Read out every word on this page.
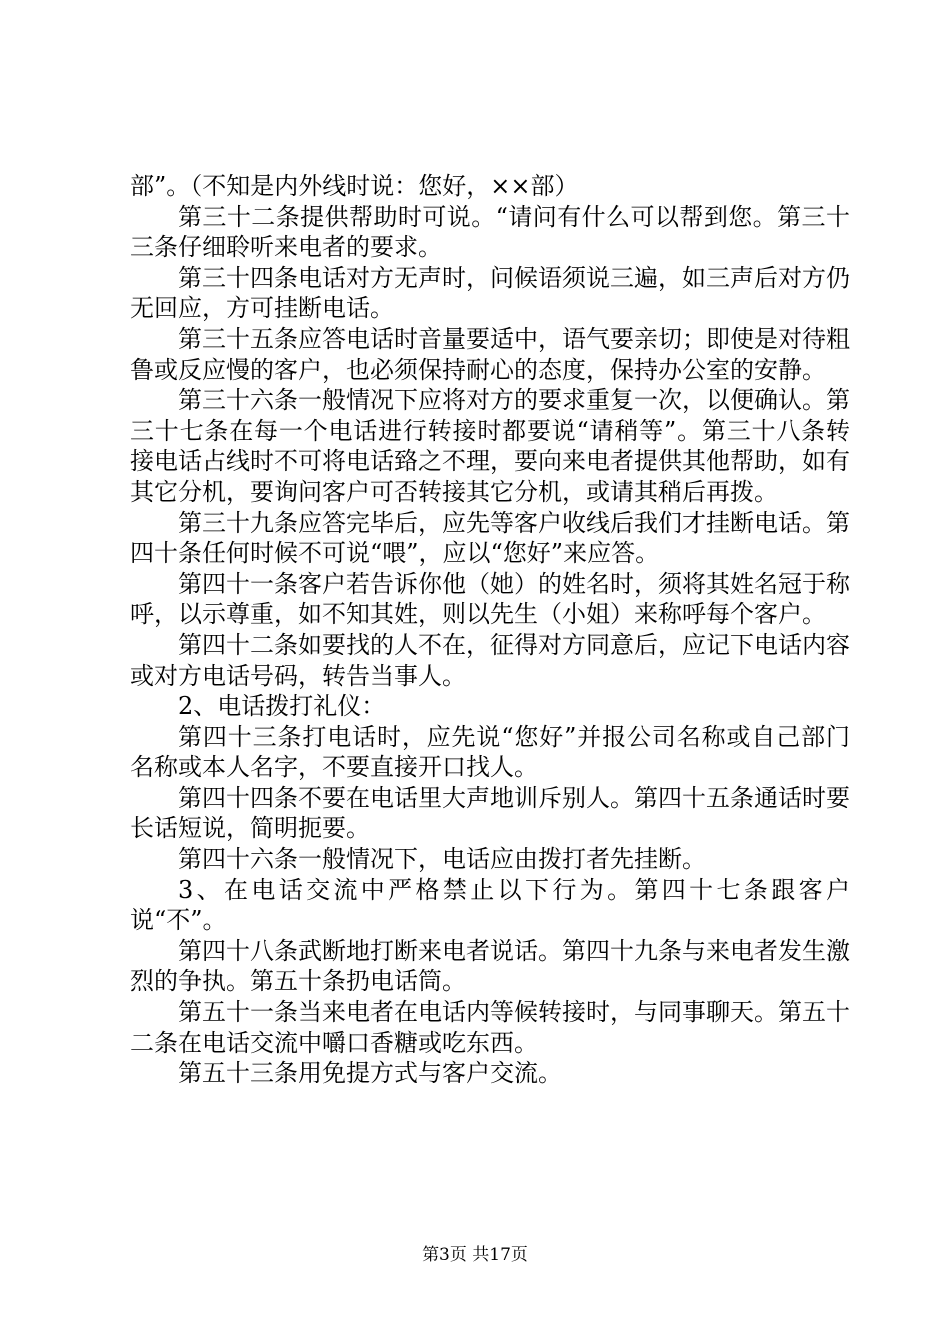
部”。（不知是内外线时说：您好，××部）

第三十二条提供帮助时可说。“请问有什么可以帮到您。第三十三条仔细聆听来电者的要求。

第三十四条电话对方无声时，问候语须说三遍，如三声后对方仍无回应，方可挂断电话。

第三十五条应答电话时音量要适中，语气要亲切；即使是对待粗鲁或反应慢的客户，也必须保持耐心的态度，保持办公室的安静。

第三十六条一般情况下应将对方的要求重复一次，以便确认。第三十七条在每一个电话进行转接时都要说“请稍等”。第三十八条转接电话占线时不可将电话臵之不理，要向来电者提供其他帮助，如有其它分机，要询问客户可否转接其它分机，或请其稍后再拨。

第三十九条应答完毕后，应先等客户收线后我们才挂断电话。第四十条任何时候不可说“喂”，应以“您好”来应答。

第四十一条客户若告诉你他（她）的姓名时，须将其姓名冠于称呼，以示尊重，如不知其姓，则以先生（小姐）来称呼每个客户。

第四十二条如要找的人不在，征得对方同意后，应记下电话内容或对方电话号码，转告当事人。

2、电话拨打礼仪：

第四十三条打电话时，应先说“您好”并报公司名称或自己部门名称或本人名字，不要直接开口找人。

第四十四条不要在电话里大声地训斥别人。第四十五条通话时要长话短说，简明扼要。

第四十六条一般情况下，电话应由拨打者先挂断。

3、在电话交流中严格禁止以下行为。第四十七条跟客户说“不”。

第四十八条武断地打断来电者说话。第四十九条与来电者发生激烈的争执。第五十条扔电话筒。

第五十一条当来电者在电话内等候转接时，与同事聊天。第五十二条在电话交流中嚼口香糖或吃东西。

第五十三条用免提方式与客户交流。

第3页 共17页
